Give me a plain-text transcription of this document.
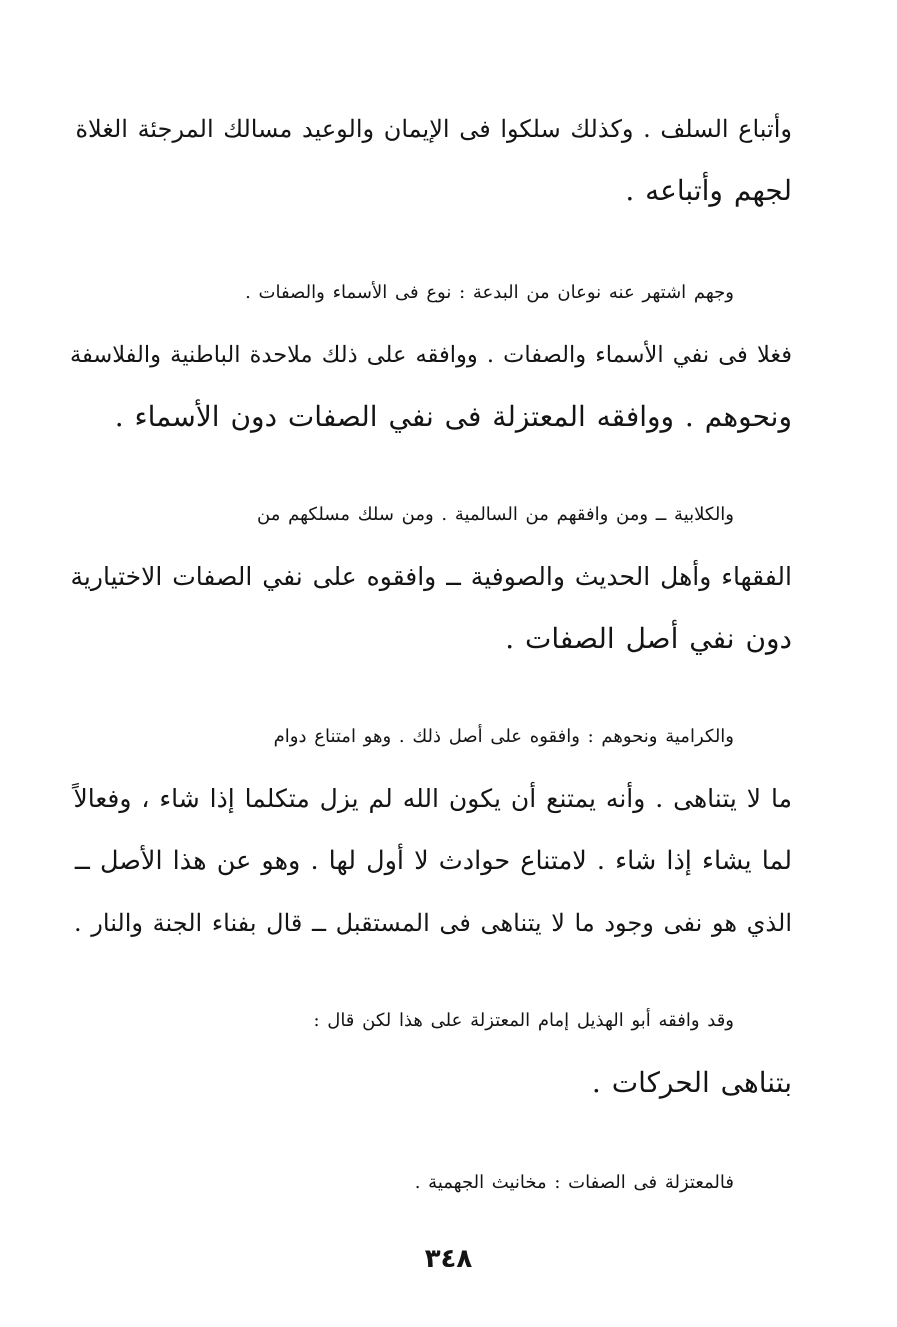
وأتباع السلف . وكذلك سلكوا فى الإيمان والوعيد مسالك المرجئة الغلاة
لجهم وأتباعه .
وجهم اشتهر عنه نوعان من البدعة : نوع فى الأسماء والصفات .
فغلا فى نفي الأسماء والصفات . ووافقه على ذلك ملاحدة الباطنية والفلاسفة
ونحوهم . ووافقه المعتزلة فى نفي الصفات دون الأسماء .
والكلابية ــ ومن وافقهم من السالمية . ومن سلك مسلكهم من
الفقهاء وأهل الحديث والصوفية ــ وافقوه على نفي الصفات الاختيارية
دون نفي أصل الصفات .
والكرامية ونحوهم : وافقوه على أصل ذلك . وهو امتناع دوام
ما لا يتناهى . وأنه يمتنع أن يكون الله لم يزل متكلما إذا شاء ، وفعالاً
لما يشاء إذا شاء . لامتناع حوادث لا أول لها . وهو عن هذا الأصل ــ
الذي هو نفى وجود ما لا يتناهى فى المستقبل ــ قال بفناء الجنة والنار .
وقد وافقه أبو الهذيل إمام المعتزلة على هذا لكن قال :
بتناهى الحركات .
فالمعتزلة فى الصفات : مخانيث الجهمية .
٣٤٨
